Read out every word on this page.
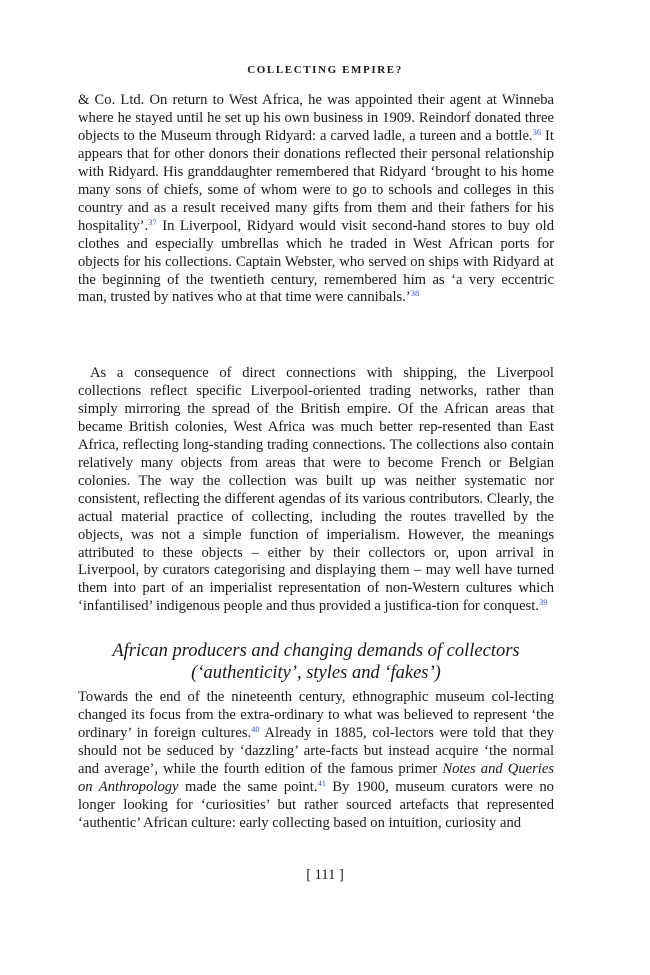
COLLECTING EMPIRE?

& Co. Ltd. On return to West Africa, he was appointed their agent at Winneba where he stayed until he set up his own business in 1909. Reindorf donated three objects to the Museum through Ridyard: a carved ladle, a tureen and a bottle.$^{36}$ It appears that for other donors their donations reflected their personal relationship with Ridyard. His granddaughter remembered that Ridyard ‘brought to his home many sons of chiefs, some of whom were to go to schools and colleges in this country and as a result received many gifts from them and their fathers for his hospitality’.$^{37}$ In Liverpool, Ridyard would visit second-hand stores to buy old clothes and especially umbrellas which he traded in West African ports for objects for his collections. Captain Webster, who served on ships with Ridyard at the beginning of the twentieth century, remembered him as ‘a very eccentric man, trusted by natives who at that time were cannibals.’$^{38}$

As a consequence of direct connections with shipping, the Liverpool collections reflect specific Liverpool-oriented trading networks, rather than simply mirroring the spread of the British empire. Of the African areas that became British colonies, West Africa was much better rep-resented than East Africa, reflecting long-standing trading connections. The collections also contain relatively many objects from areas that were to become French or Belgian colonies. The way the collection was built up was neither systematic nor consistent, reflecting the different agendas of its various contributors. Clearly, the actual material practice of collecting, including the routes travelled by the objects, was not a simple function of imperialism. However, the meanings attributed to these objects – either by their collectors or, upon arrival in Liverpool, by curators categorising and displaying them – may well have turned them into part of an imperialist representation of non-Western cultures which ‘infantilised’ indigenous people and thus provided a justifica-tion for conquest.$^{39}$

African producers and changing demands of collectors
(‘authenticity’, styles and ‘fakes’)

Towards the end of the nineteenth century, ethnographic museum col-lecting changed its focus from the extra-ordinary to what was believed to represent ‘the ordinary’ in foreign cultures.$^{40}$ Already in 1885, col-lectors were told that they should not be seduced by ‘dazzling’ arte-facts but instead acquire ‘the normal and average’, while the fourth edition of the famous primer Notes and Queries on Anthropology made the same point.$^{41}$ By 1900, museum curators were no longer looking for ‘curiosities’ but rather sourced artefacts that represented ‘authentic’ African culture: early collecting based on intuition, curiosity and

[ 111 ]
